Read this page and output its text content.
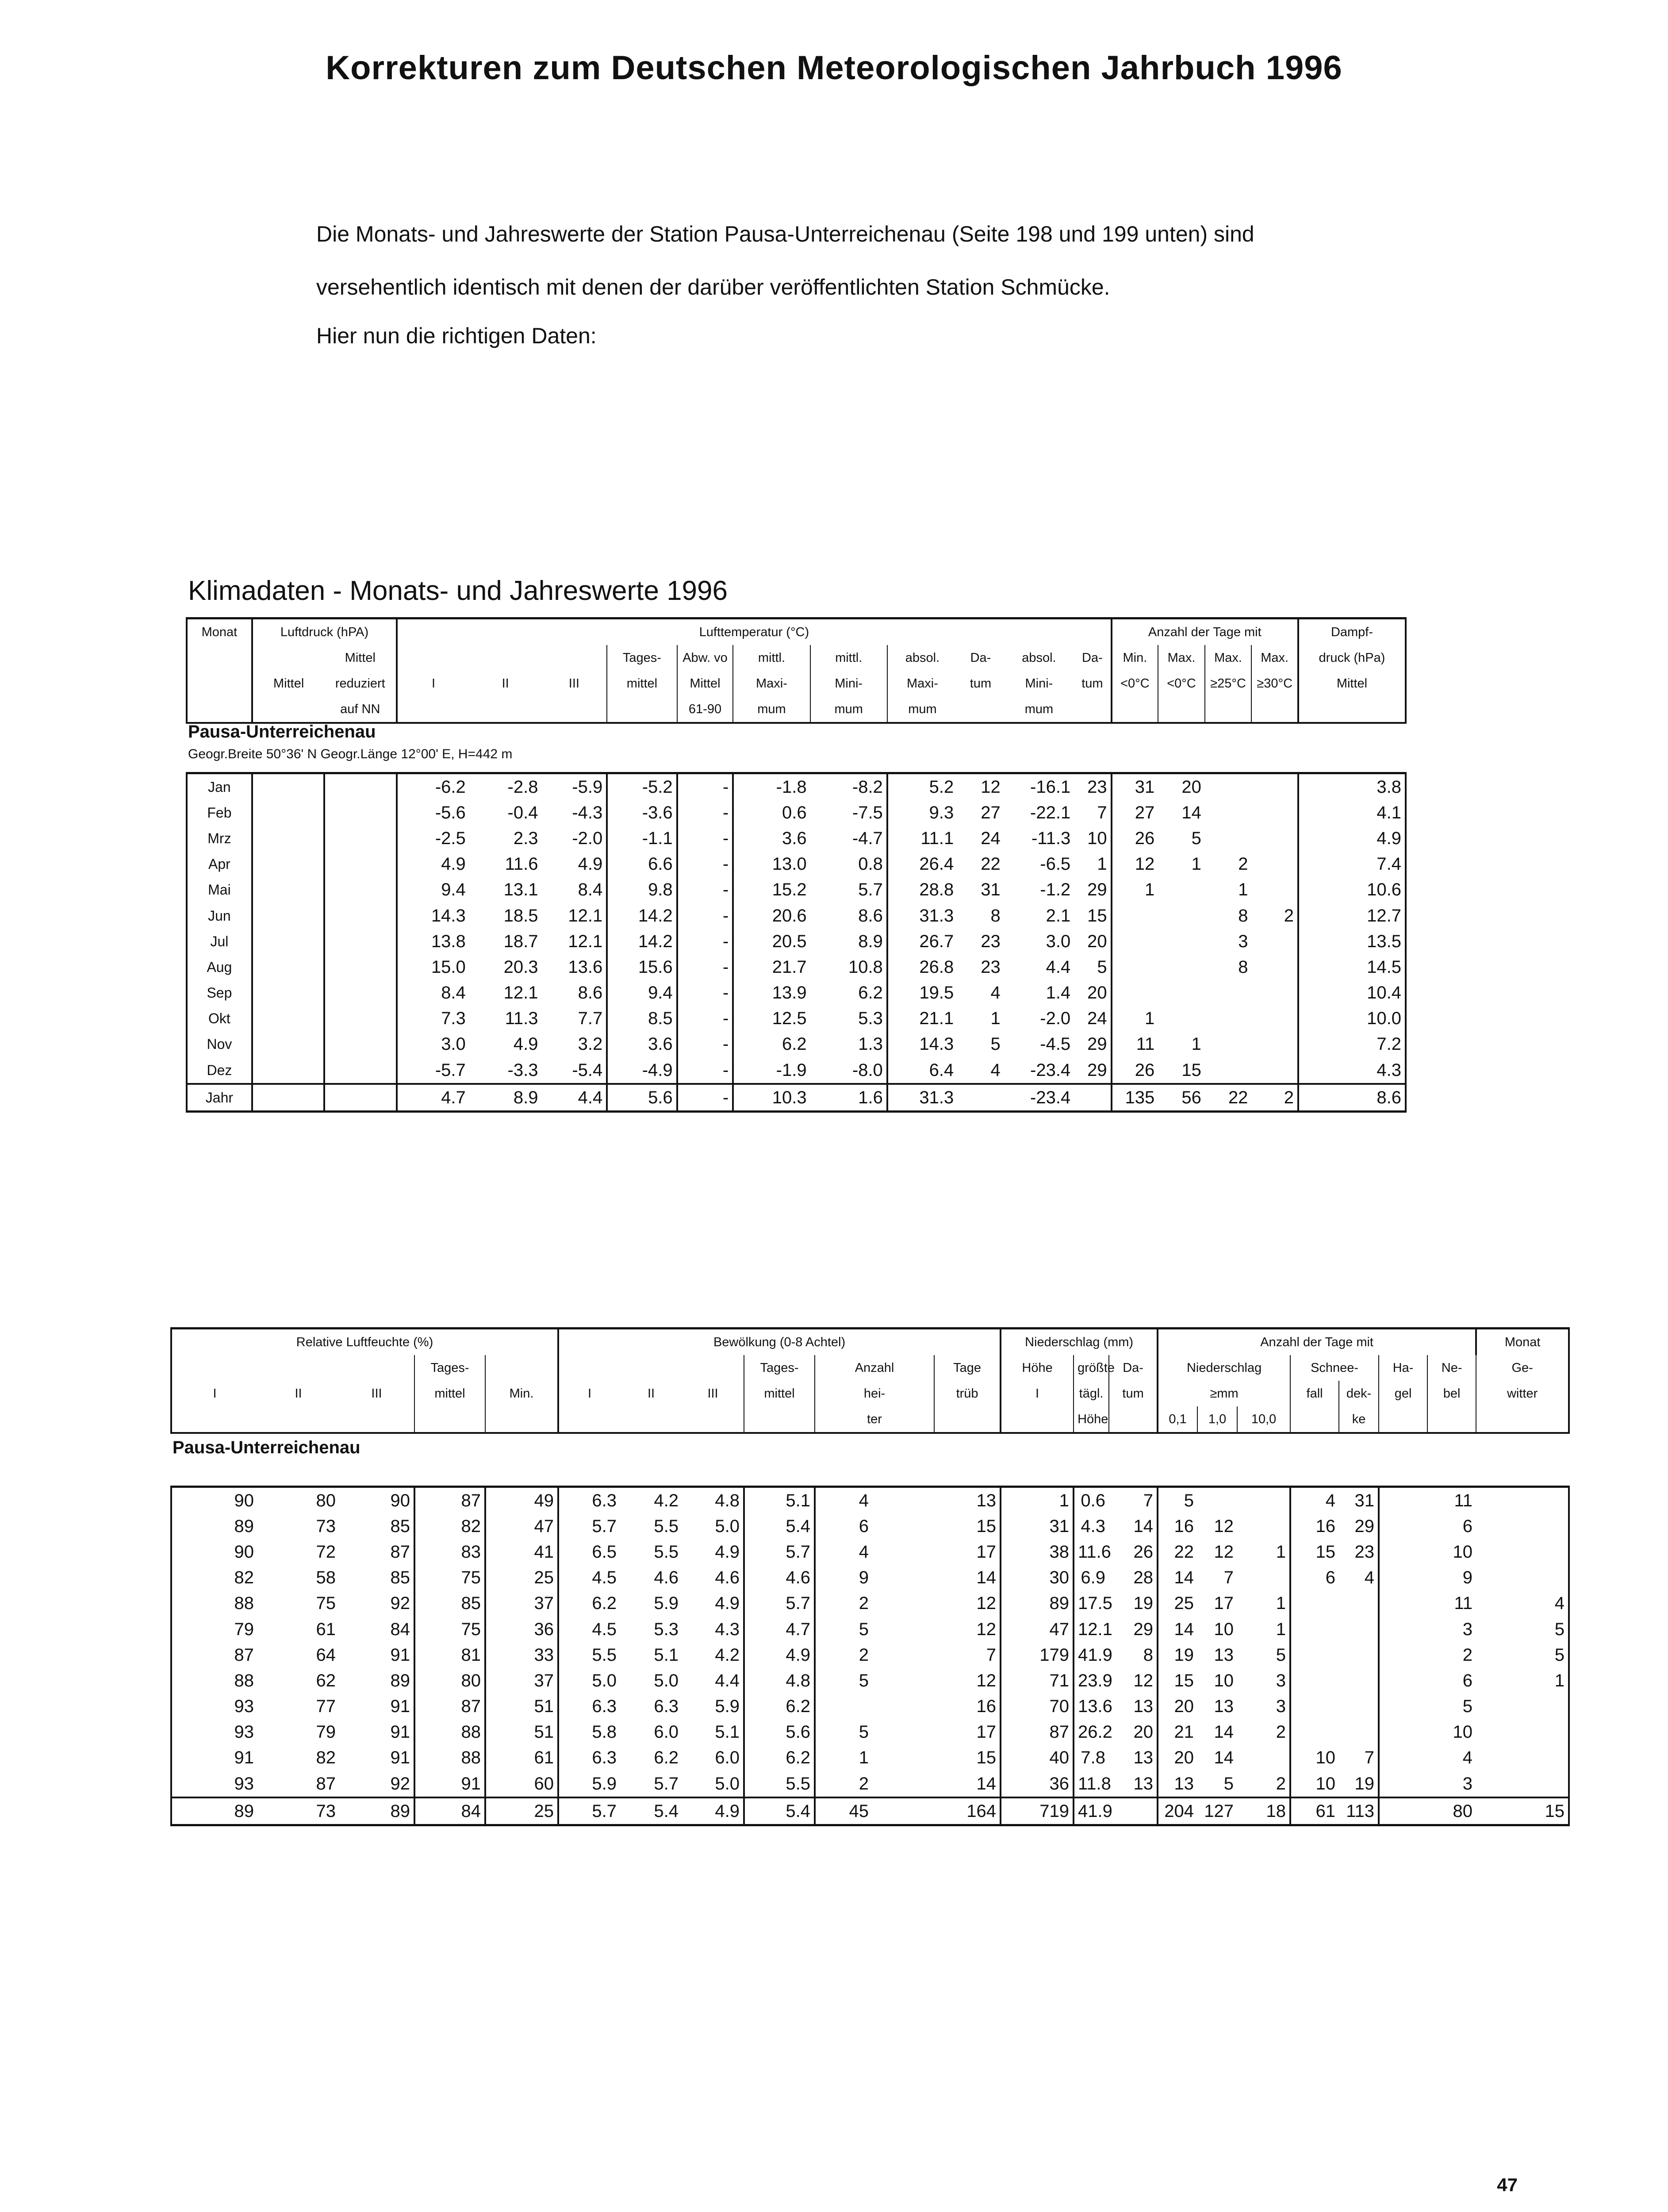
Korrekturen zum Deutschen Meteorologischen Jahrbuch 1996
Die Monats- und Jahreswerte der Station Pausa-Unterreichenau (Seite 198 und 199 unten) sind
versehentlich identisch mit denen der darüber veröffentlichten Station Schmücke.
Hier nun die richtigen Daten:
Klimadaten - Monats- und Jahreswerte 1996
Monat	Luftdruck (hPA)		Lufttemperatur (°C)											Anzahl der Tage mit				Dampf-
		Mittel				Tages-	Abw. vo	mittl.	mittl.	absol.	Da-	absol.	Da-	Min.	Max.	Max.	Max.	druck (hPa)
	Mittel	reduziert	I	II	III	mittel	Mittel	Maxi-	Mini-	Maxi-	tum	Mini-	tum	<0°C	<0°C	≥25°C	≥30°C	Mittel
		auf NN					61-90	mum	mum	mum		mum						
Pausa-Unterreichenau
Geogr.Breite 50°36' N Geogr.Länge 12°00' E, H=442 m
Jan			-6.2	-2.8	-5.9	-5.2	-	-1.8	-8.2	5.2	12	-16.1	23	31	20			3.8
Feb			-5.6	-0.4	-4.3	-3.6	-	0.6	-7.5	9.3	27	-22.1	7	27	14			4.1
Mrz			-2.5	2.3	-2.0	-1.1	-	3.6	-4.7	11.1	24	-11.3	10	26	5			4.9
Apr			4.9	11.6	4.9	6.6	-	13.0	0.8	26.4	22	-6.5	1	12	1	2		7.4
Mai			9.4	13.1	8.4	9.8	-	15.2	5.7	28.8	31	-1.2	29	1		1		10.6
Jun			14.3	18.5	12.1	14.2	-	20.6	8.6	31.3	8	2.1	15			8	2	12.7
Jul			13.8	18.7	12.1	14.2	-	20.5	8.9	26.7	23	3.0	20			3		13.5
Aug			15.0	20.3	13.6	15.6	-	21.7	10.8	26.8	23	4.4	5			8		14.5
Sep			8.4	12.1	8.6	9.4	-	13.9	6.2	19.5	4	1.4	20					10.4
Okt			7.3	11.3	7.7	8.5	-	12.5	5.3	21.1	1	-2.0	24	1				10.0
Nov			3.0	4.9	3.2	3.6	-	6.2	1.3	14.3	5	-4.5	29	11	1			7.2
Dez			-5.7	-3.3	-5.4	-4.9	-	-1.9	-8.0	6.4	4	-23.4	29	26	15			4.3
Jahr			4.7	8.9	4.4	5.6	-	10.3	1.6	31.3		-23.4		135	56	22	2	8.6
Relative Luftfeuchte (%)					Bewölkung (0-8 Achtel)						Niederschlag (mm)			Anzahl der Tage mit							Monat	
			Tages-					Tages-	Anzahl	Tage	Höhe	größte	Da-	Niederschlag			Schnee-		Ha-	Ne-	Ge-	
I	II	III	mittel	Min.	I	II	III	mittel	hei-	trüb	I	tägl.	tum	≥mm			fall	dek-	gel	bel	witter	
									ter			Höhe		0,1	1,0	10,0		ke				
Pausa-Unterreichenau
90	80	90	87	49	6.3	4.2	4.8	5.1	4		13	1	0.6	7	5			4	31		11		
89	73	85	82	47	5.7	5.5	5.0	5.4	6		15	31	4.3	14	16	12		16	29		6		
90	72	87	83	41	6.5	5.5	4.9	5.7	4		17	38	11.6	26	22	12	1	15	23		10		
82	58	85	75	25	4.5	4.6	4.6	4.6	9		14	30	6.9	28	14	7		6	4		9		
88	75	92	85	37	6.2	5.9	4.9	5.7	2		12	89	17.5	19	25	17	1				11	4	
79	61	84	75	36	4.5	5.3	4.3	4.7	5		12	47	12.1	29	14	10	1				3	5	
87	64	91	81	33	5.5	5.1	4.2	4.9	2		7	179	41.9	8	19	13	5				2	5	
88	62	89	80	37	5.0	5.0	4.4	4.8	5		12	71	23.9	12	15	10	3				6	1	
93	77	91	87	51	6.3	6.3	5.9	6.2			16	70	13.6	13	20	13	3				5		
93	79	91	88	51	5.8	6.0	5.1	5.6	5		17	87	26.2	20	21	14	2				10		
91	82	91	88	61	6.3	6.2	6.0	6.2	1		15	40	7.8	13	20	14		10	7		4		
93	87	92	91	60	5.9	5.7	5.0	5.5	2		14	36	11.8	13	13	5	2	10	19		3		
89	73	89	84	25	5.7	5.4	4.9	5.4	45		164	719	41.9		204	127	18	61	113		80	15	
47
